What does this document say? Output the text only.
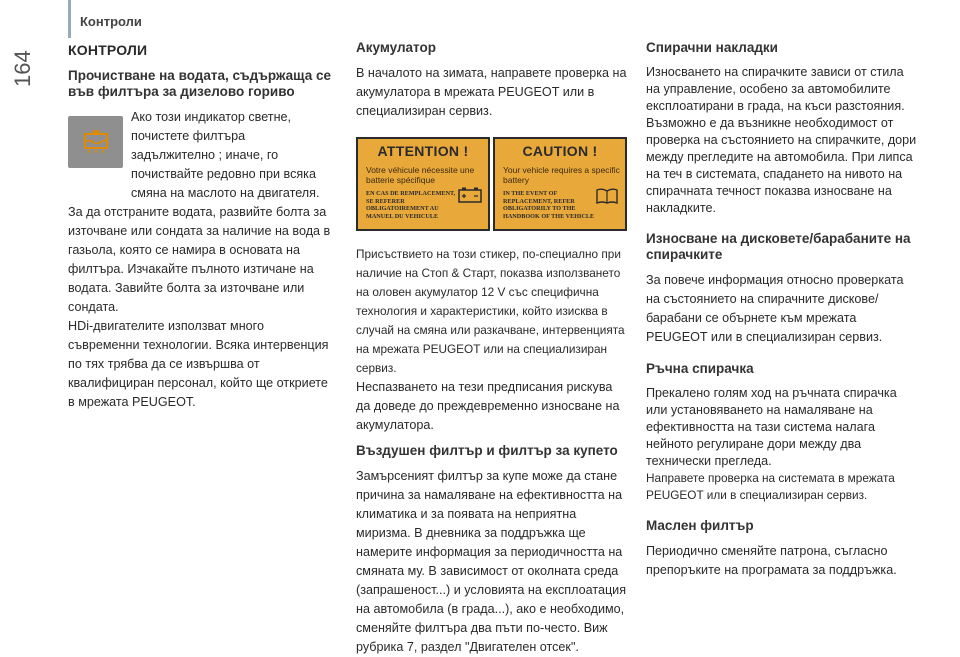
Контроли
164
КОНТРОЛИ
Прочистване на водата, съдържаща се във филтъра за дизелово гориво

Ако този индикатор светне, почистете филтъра задължително ; иначе, го почиствайте редовно при всяка смяна на маслото на двигателя.

За да отстраните водата, развийте болта за източване или сондата за наличие на вода в газьола, която се намира в основата на филтъра. Изчакайте пълното изтичане на водата. Завийте болта за източване или сондата.

HDi-двигателите използват много съвременни технологии. Всяка интервенция по тях трябва да се извършва от квалифициран персонал, който ще откриете в мрежата PEUGEOT.

Акумулатор

В началото на зимата, направете проверка на акумулатора в мрежата PEUGEOT или в специализиран сервиз.

ATTENTION !
Votre véhicule nécessite une batterie spécifique
EN CAS DE REMPLACEMENT, SE REFERER OBLIGATOIREMENT AU MANUEL DU VEHICULE
CAUTION !
Your vehicle requires a specific battery
IN THE EVENT OF REPLACEMENT, REFER OBLIGATORILY TO THE HANDBOOK OF THE VEHICLE

Присъствието на този стикер, по-специално при наличие на Стоп & Старт, показва използването на оловен акумулатор 12 V със специфична технология и характеристики, който изисква в случай на смяна или разкачване, интервенцията на мрежата PEUGEOT или на специализиран сервиз.

Неспазването на тези предписания рискува да доведе до преждевременно износване на акумулатора.

Въздушен филтър и филтър за купето

Замърсеният филтър за купе може да стане причина за намаляване на ефективността на климатика и за появата на неприятна миризма. В дневника за поддръжка ще намерите информация за периодичността на смяната му. В зависимост от околната среда (запрашеност...) и условията на експлоатация на автомобила (в града...), ако е необходимо, сменяйте филтъра два пъти по-често. Виж рубрика 7, раздел "Двигателен отсек".

Спирачни накладки

Износването на спирачките зависи от стила на управление, особено за автомобилите експлоатирани в града, на къси разстояния. Възможно е да възникне необходимост от проверка на състоянието на спирачките, дори между прегледите на автомобила. При липса на теч в системата, спадането на нивото на спирачната течност показва износване на накладките.

Износване на дисковете/барабаните на спирачките

За повече информация относно проверката на състоянието на спирачните дискове/ барабани се обърнете към мрежата PEUGEOT или в специализиран сервиз.

Ръчна спирачка

Прекалено голям ход на ръчната спирачка или установяването на намаляване на ефективността на тази система налага нейното регулиране дори между два технически прегледа.

Направете проверка на системата в мрежата PEUGEOT или в специализиран сервиз.

Маслен филтър

Периодично сменяйте патрона, съгласно препоръките на програмата за поддръжка.
